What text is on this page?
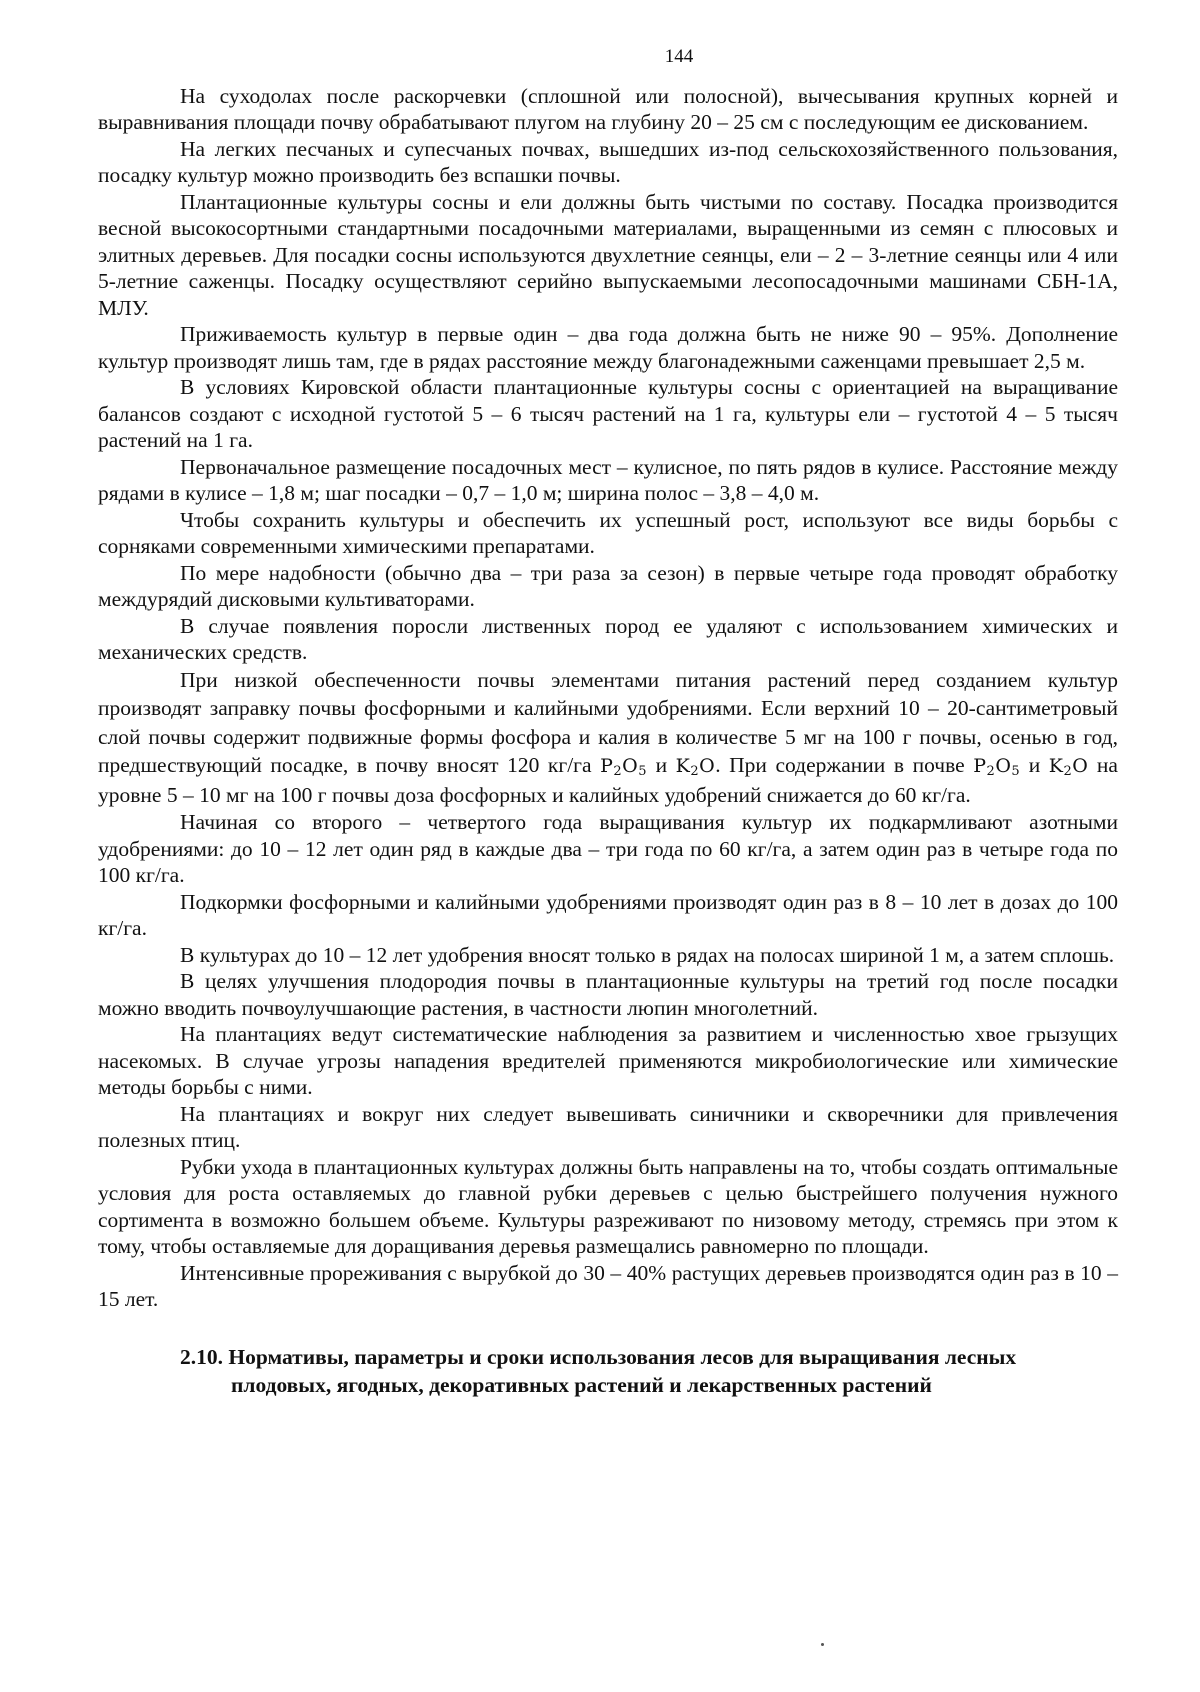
144

На суходолах после раскорчевки (сплошной или полосной), вычесывания крупных корней и выравнивания площади почву обрабатывают плугом на глубину 20 – 25 см с последующим ее дискованием.

На легких песчаных и супесчаных почвах, вышедших из-под сельскохозяйственного пользования, посадку культур можно производить без вспашки почвы.

Плантационные культуры сосны и ели должны быть чистыми по составу. Посадка производится весной высокосортными стандартными посадочными материалами, выращенными из семян с плюсовых и элитных деревьев. Для посадки сосны используются двухлетние сеянцы, ели – 2 – 3-летние сеянцы или 4 или 5-летние саженцы. Посадку осуществляют серийно выпускаемыми лесопосадочными машинами СБН-1А, МЛУ.

Приживаемость культур в первые один – два года должна быть не ниже 90 – 95%. Дополнение культур производят лишь там, где в рядах расстояние между благонадежными саженцами превышает 2,5 м.

В условиях Кировской области плантационные культуры сосны с ориентацией на выращивание балансов создают с исходной густотой 5 – 6 тысяч растений на 1 га, культуры ели – густотой 4 – 5 тысяч растений на 1 га.

Первоначальное размещение посадочных мест – кулисное, по пять рядов в кулисе. Расстояние между рядами в кулисе – 1,8 м; шаг посадки – 0,7 – 1,0 м; ширина полос – 3,8 – 4,0 м.

Чтобы сохранить культуры и обеспечить их успешный рост, используют все виды борьбы с сорняками современными химическими препаратами.

По мере надобности (обычно два – три раза за сезон) в первые четыре года проводят обработку междурядий дисковыми культиваторами.

В случае появления поросли лиственных пород ее удаляют с использованием химических и механических средств.

При низкой обеспеченности почвы элементами питания растений перед созданием культур производят заправку почвы фосфорными и калийными удобрениями. Если верхний 10 – 20-сантиметровый слой почвы содержит подвижные формы фосфора и калия в количестве 5 мг на 100 г почвы, осенью в год, предшествующий посадке, в почву вносят 120 кг/га $P_2O_5$ и $K_2O$. При содержании в почве $P_2O_5$ и $K_2O$ на уровне 5 – 10 мг на 100 г почвы доза фосфорных и калийных удобрений снижается до 60 кг/га.

Начиная со второго – четвертого года выращивания культур их подкармливают азотными удобрениями: до 10 – 12 лет один ряд в каждые два – три года по 60 кг/га, а затем один раз в четыре года по 100 кг/га.

Подкормки фосфорными и калийными удобрениями производят один раз в 8 – 10 лет в дозах до 100 кг/га.

В культурах до 10 – 12 лет удобрения вносят только в рядах на полосах шириной 1 м, а затем сплошь.

В целях улучшения плодородия почвы в плантационные культуры на третий год после посадки можно вводить почвоулучшающие растения, в частности люпин многолетний.

На плантациях ведут систематические наблюдения за развитием и численностью хвое грызущих насекомых. В случае угрозы нападения вредителей применяются микробиологические или химические методы борьбы с ними.

На плантациях и вокруг них следует вывешивать синичники и скворечники для привлечения полезных птиц.

Рубки ухода в плантационных культурах должны быть направлены на то, чтобы создать оптимальные условия для роста оставляемых до главной рубки деревьев с целью быстрейшего получения нужного сортимента в возможно большем объеме. Культуры разреживают по низовому методу, стремясь при этом к тому, чтобы оставляемые для доращивания деревья размещались равномерно по площади.

Интенсивные прореживания с вырубкой до 30 – 40% растущих деревьев производятся один раз в 10 – 15 лет.

2.10. Нормативы, параметры и сроки использования лесов для выращивания лесных
плодовых, ягодных, декоративных растений и лекарственных растений
